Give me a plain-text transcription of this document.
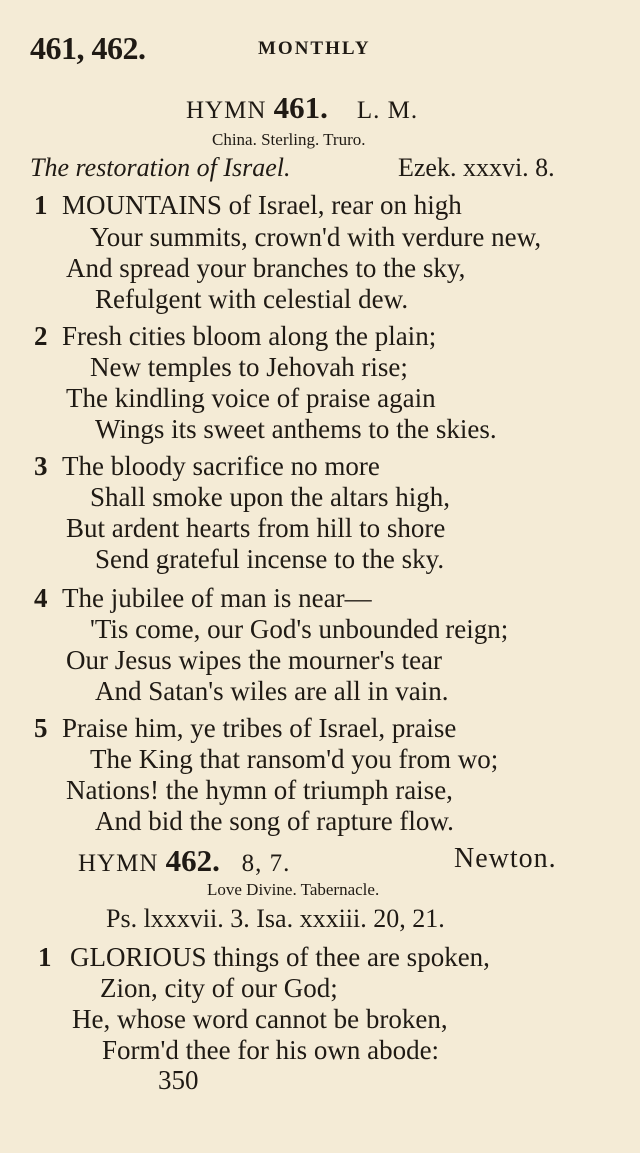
461, 462.	MONTHLY
HYMN 461. L. M.
China. Sterling. Truro.
The restoration of Israel.	Ezek. xxxvi. 8.
1 MOUNTAINS of Israel, rear on high
Your summits, crown'd with verdure new,
And spread your branches to the sky,
Refulgent with celestial dew.
2 Fresh cities bloom along the plain;
New temples to Jehovah rise;
The kindling voice of praise again
Wings its sweet anthems to the skies.
3 The bloody sacrifice no more
Shall smoke upon the altars high,
But ardent hearts from hill to shore
Send grateful incense to the sky.
4 The jubilee of man is near—
'Tis come, our God's unbounded reign;
Our Jesus wipes the mourner's tear
And Satan's wiles are all in vain.
5 Praise him, ye tribes of Israel, praise
The King that ransom'd you from wo;
Nations! the hymn of triumph raise,
And bid the song of rapture flow.
HYMN 462. 8, 7.	Newton.
Love Divine. Tabernacle.
Ps. lxxxvii. 3. Isa. xxxiii. 20, 21.
1 GLORIOUS things of thee are spoken,
Zion, city of our God;
He, whose word cannot be broken,
Form'd thee for his own abode:
350
